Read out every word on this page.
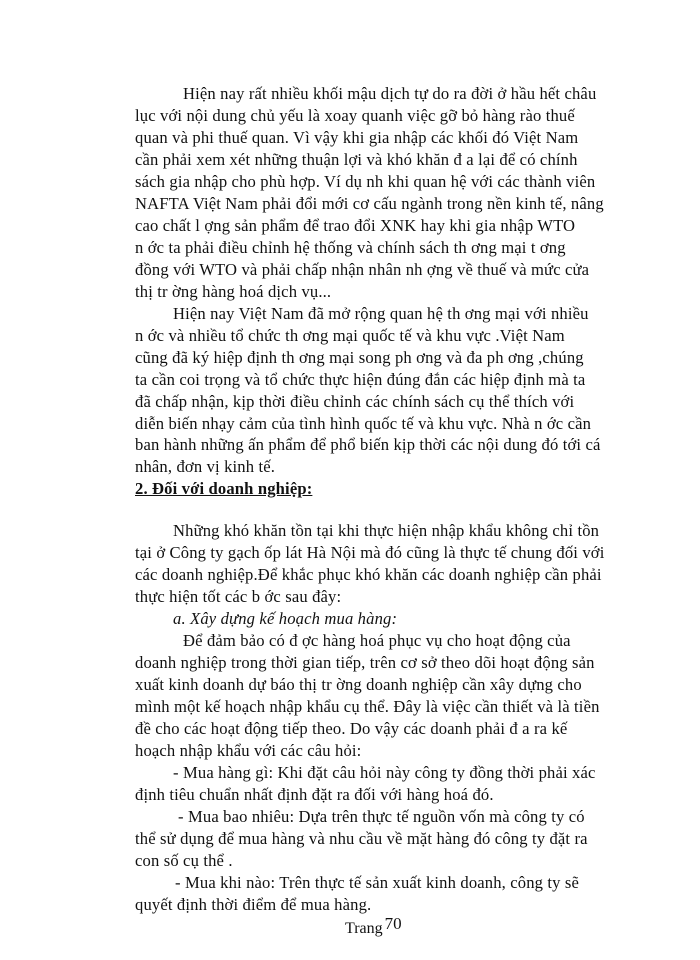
Hiện nay rất nhiều khối mậu dịch tự do ra đời ở hầu hết châu
lục với nội dung chủ yếu là xoay quanh việc gỡ bỏ hàng rào thuế
quan và phi thuế quan. Vì vậy khi gia nhập các khối đó Việt Nam
cần phải xem xét những thuận lợi và khó khăn đ a lại để có chính
sách gia nhập cho phù hợp. Ví dụ nh khi quan hệ với các thành viên
NAFTA Việt Nam phải đổi mới cơ cấu ngành trong nền kinh tế, nâng
cao chất l ợng sản phẩm để trao đổi XNK hay khi gia nhập WTO
n ớc ta phải điều chỉnh hệ thống và chính sách th ơng mại t ơng
đồng với WTO và phải chấp nhận nhân nh ợng về thuế và mức cửa
thị tr ờng hàng hoá dịch vụ...
Hiện nay Việt Nam đã mở rộng quan hệ th ơng mại với nhiều
n ớc và nhiều tổ chức th ơng mại quốc tế và khu vực .Việt Nam
cũng đã ký hiệp định th ơng mại song ph ơng và đa ph ơng ,chúng
ta cần coi trọng và tổ chức thực hiện đúng đắn các hiệp định mà ta
đã chấp nhận, kịp thời điều chỉnh các chính sách cụ thể thích với
diễn biến nhạy cảm của tình hình quốc tế và khu vực. Nhà n ớc cần
ban hành những ấn phẩm để phổ biến kịp thời các nội dung đó tới cá
nhân, đơn vị kinh tế.
2. Đối với doanh nghiệp:
Những khó khăn tồn tại khi thực hiện nhập khẩu không chỉ tồn
tại ở Công ty gạch ốp lát Hà Nội mà đó cũng là thực tế chung đối với
các doanh nghiệp.Để khắc phục khó khăn các doanh nghiệp cần phải
thực hiện tốt các b ớc sau đây:
a. Xây dựng kế hoạch mua hàng:
Để đảm bảo có đ ợc hàng hoá phục vụ cho hoạt động của
doanh nghiệp trong thời gian tiếp, trên cơ sở theo dõi hoạt động sản
xuất kinh doanh dự báo thị tr ờng doanh nghiệp cần xây dựng cho
mình một kế hoạch nhập khẩu cụ thể. Đây là việc cần thiết và là tiền
đề cho các hoạt động tiếp theo. Do vậy các doanh phải đ a ra kế
hoạch nhập khẩu với các câu hỏi:
- Mua hàng gì: Khi đặt câu hỏi này công ty đồng thời phải xác
định tiêu chuẩn nhất định đặt ra đối với hàng hoá đó.
Trang 70
- Mua bao nhiêu: Dựa trên thực tế nguồn vốn mà công ty có
thể sử dụng để mua hàng và nhu cầu về mặt hàng đó công ty đặt ra
con số cụ thể .
- Mua khi nào: Trên thực tế sản xuất kinh doanh, công ty sẽ
quyết định thời điểm để mua hàng.
